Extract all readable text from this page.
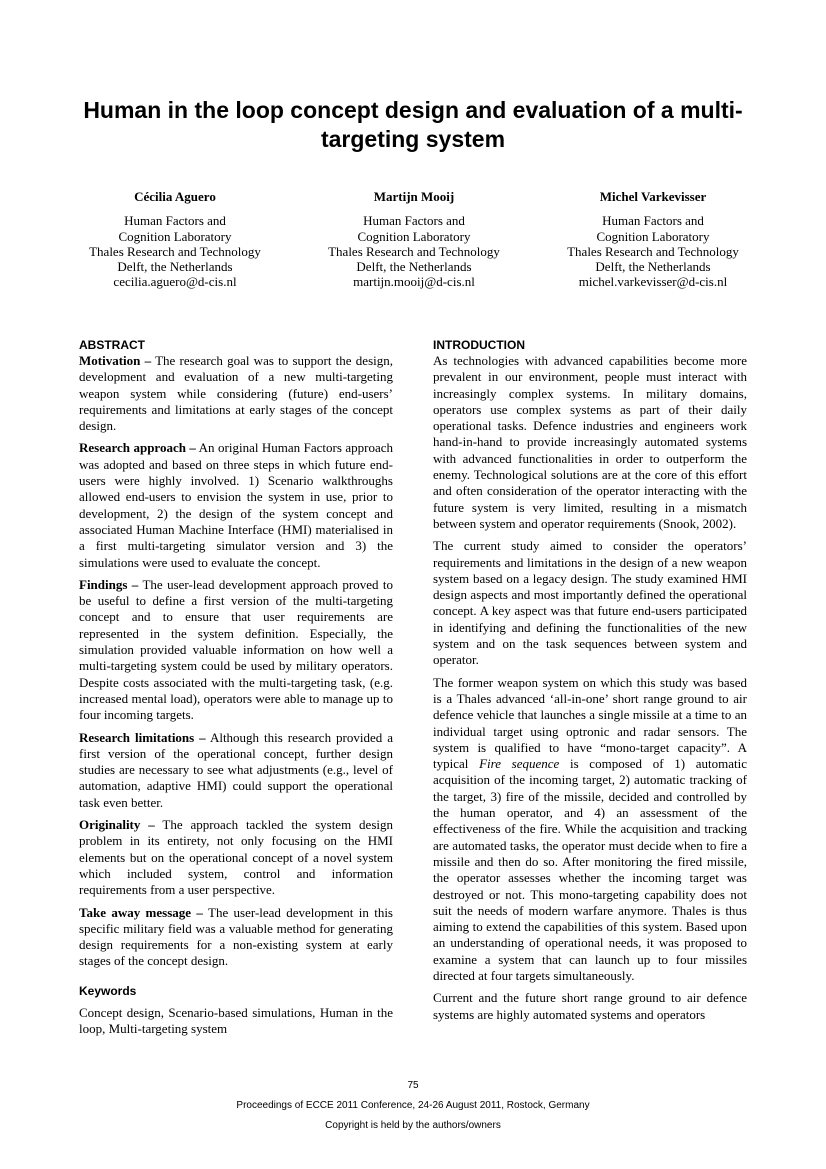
Human in the loop concept design and evaluation of a multi-targeting system
Cécilia Aguero
Human Factors and
Cognition Laboratory
Thales Research and Technology
Delft, the Netherlands
cecilia.aguero@d-cis.nl
Martijn Mooij
Human Factors and
Cognition Laboratory
Thales Research and Technology
Delft, the Netherlands
martijn.mooij@d-cis.nl
Michel Varkevisser
Human Factors and
Cognition Laboratory
Thales Research and Technology
Delft, the Netherlands
michel.varkevisser@d-cis.nl
ABSTRACT

Motivation – The research goal was to support the design, development and evaluation of a new multi-targeting weapon system while considering (future) end-users’ requirements and limitations at early stages of the concept design.

Research approach – An original Human Factors approach was adopted and based on three steps in which future end-users were highly involved. 1) Scenario walkthroughs allowed end-users to envision the system in use, prior to development, 2) the design of the system concept and associated Human Machine Interface (HMI) materialised in a first multi-targeting simulator version and 3) the simulations were used to evaluate the concept.

Findings – The user-lead development approach proved to be useful to define a first version of the multi-targeting concept and to ensure that user requirements are represented in the system definition. Especially, the simulation provided valuable information on how well a multi-targeting system could be used by military operators. Despite costs associated with the multi-targeting task, (e.g. increased mental load), operators were able to manage up to four incoming targets.

Research limitations – Although this research provided a first version of the operational concept, further design studies are necessary to see what adjustments (e.g., level of automation, adaptive HMI) could support the operational task even better.

Originality – The approach tackled the system design problem in its entirety, not only focusing on the HMI elements but on the operational concept of a novel system which included system, control and information requirements from a user perspective.

Take away message – The user-lead development in this specific military field was a valuable method for generating design requirements for a non-existing system at early stages of the concept design.

Keywords

Concept design, Scenario-based simulations, Human in the loop, Multi-targeting system

INTRODUCTION

As technologies with advanced capabilities become more prevalent in our environment, people must interact with increasingly complex systems. In military domains, operators use complex systems as part of their daily operational tasks. Defence industries and engineers work hand-in-hand to provide increasingly automated systems with advanced functionalities in order to outperform the enemy. Technological solutions are at the core of this effort and often consideration of the operator interacting with the future system is very limited, resulting in a mismatch between system and operator requirements (Snook, 2002).

The current study aimed to consider the operators’ requirements and limitations in the design of a new weapon system based on a legacy design. The study examined HMI design aspects and most importantly defined the operational concept. A key aspect was that future end-users participated in identifying and defining the functionalities of the new system and on the task sequences between system and operator.

The former weapon system on which this study was based is a Thales advanced ‘all-in-one’ short range ground to air defence vehicle that launches a single missile at a time to an individual target using optronic and radar sensors. The system is qualified to have “mono-target capacity”. A typical Fire sequence is composed of 1) automatic acquisition of the incoming target, 2) automatic tracking of the target, 3) fire of the missile, decided and controlled by the human operator, and 4) an assessment of the effectiveness of the fire. While the acquisition and tracking are automated tasks, the operator must decide when to fire a missile and then do so. After monitoring the fired missile, the operator assesses whether the incoming target was destroyed or not. This mono-targeting capability does not suit the needs of modern warfare anymore. Thales is thus aiming to extend the capabilities of this system. Based upon an understanding of operational needs, it was proposed to examine a system that can launch up to four missiles directed at four targets simultaneously.

Current and the future short range ground to air defence systems are highly automated systems and operators

75
Proceedings of ECCE 2011 Conference, 24-26 August 2011, Rostock, Germany
Copyright is held by the authors/owners
